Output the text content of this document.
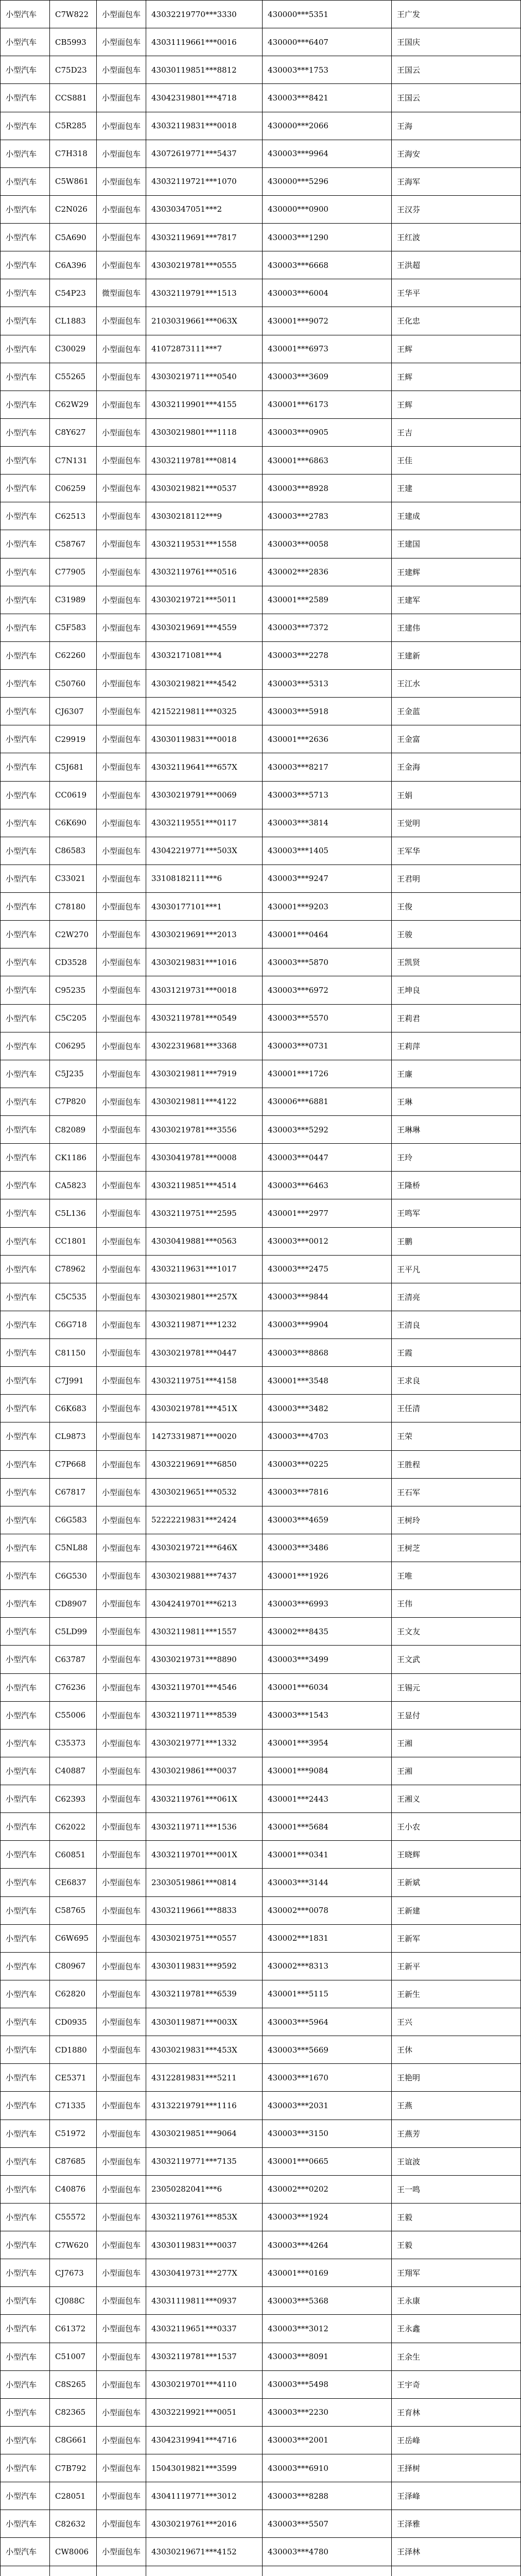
小型汽车	C7W822	小型面包车	43032219770***3330	430000***5351	王广发
小型汽车	CB5993	小型面包车	43031119661***0016	430000***6407	王国庆
小型汽车	C75D23	小型面包车	43030119851***8812	430003***1753	王国云
小型汽车	CCS881	小型面包车	43042319801***4718	430003***8421	王国云
小型汽车	C5R285	小型面包车	43032119831***0018	430000***2066	王海
小型汽车	C7H318	小型面包车	43072619771***5437	430003***9964	王海安
小型汽车	C5W861	小型面包车	43032119721***1070	430000***5296	王海军
小型汽车	C2N026	小型面包车	43030347051***2	430000***0900	王汉芬
小型汽车	C5A690	小型面包车	43032119691***7817	430003***1290	王红波
小型汽车	C6A396	小型面包车	43030219781***0555	430003***6668	王洪超
小型汽车	C54P23	微型面包车	43032119791***1513	430003***6004	王华平
小型汽车	CL1883	小型面包车	21030319661***063X	430001***9072	王化忠
小型汽车	C30029	小型面包车	41072873111***7	430001***6973	王辉
小型汽车	C55265	小型面包车	43030219711***0540	430003***3609	王辉
小型汽车	C62W29	小型面包车	43032119901***4155	430001***6173	王辉
小型汽车	C8Y627	小型面包车	43030219801***1118	430003***0905	王吉
小型汽车	C7N131	小型面包车	43032119781***0814	430001***6863	王佳
小型汽车	C06259	小型面包车	43030219821***0537	430003***8928	王建
小型汽车	C62513	小型面包车	43030218112***9	430003***2783	王建成
小型汽车	C58767	小型面包车	43032119531***1558	430003***0058	王建国
小型汽车	C77905	小型面包车	43032119761***0516	430002***2836	王建辉
小型汽车	C31989	小型面包车	43030219721***5011	430001***2589	王建军
小型汽车	C5F583	小型面包车	43030219691***4559	430003***7372	王建伟
小型汽车	C62260	小型面包车	43032171081***4	430003***2278	王建新
小型汽车	C50760	小型面包车	43030219821***4542	430003***5313	王江水
小型汽车	CJ6307	小型面包车	42152219811***0325	430003***5918	王金蓝
小型汽车	C29919	小型面包车	43030119831***0018	430001***2636	王金富
小型汽车	C5J681	小型面包车	43032119641***657X	430003***8217	王金海
小型汽车	CC0619	小型面包车	43030219791***0069	430003***5713	王娟
小型汽车	C6K690	小型面包车	43032119551***0117	430003***3814	王觉明
小型汽车	C86583	小型面包车	43042219771***503X	430003***1405	王军华
小型汽车	C33021	小型面包车	33108182111***6	430003***9247	王君明
小型汽车	C78180	小型面包车	43030177101***1	430001***9203	王俊
小型汽车	C2W270	小型面包车	43030219691***2013	430001***0464	王骏
小型汽车	CD3528	小型面包车	43030219831***1016	430003***5870	王凯贤
小型汽车	C95235	小型面包车	43031219731***0018	430003***6972	王坤良
小型汽车	C5C205	小型面包车	43032119781***0549	430003***5570	王莉君
小型汽车	C06295	小型面包车	43022319681***3368	430003***0731	王莉萍
小型汽车	C5J235	小型面包车	43030219811***7919	430001***1726	王廉
小型汽车	C7P820	小型面包车	43030219811***4122	430006***6881	王琳
小型汽车	C82089	小型面包车	43030219781***3556	430003***5292	王琳琳
小型汽车	CK1186	小型面包车	43030419781***0008	430003***0447	王玲
小型汽车	CA5823	小型面包车	43032119851***4514	430003***6463	王隆桥
小型汽车	C5L136	小型面包车	43032119751***2595	430001***2977	王鸣军
小型汽车	CC1801	小型面包车	43030419881***0563	430003***0012	王鹏
小型汽车	C78962	小型面包车	43032119631***1017	430003***2475	王平凡
小型汽车	C5C535	小型面包车	43030219801***257X	430003***9844	王清亮
小型汽车	C6G718	小型面包车	43032119871***1232	430003***9904	王清良
小型汽车	C81150	小型面包车	43030219781***0447	430003***8868	王霞
小型汽车	C7J991	小型面包车	43032119751***4158	430001***3548	王求良
小型汽车	C6K683	小型面包车	43030219781***451X	430003***3482	王任清
小型汽车	CL9873	小型面包车	14273319871***0020	430003***4703	王荣
小型汽车	C7P668	小型面包车	43032219691***6850	430003***0225	王胜程
小型汽车	C67817	小型面包车	43030219651***0532	430003***7816	王石军
小型汽车	C6G583	小型面包车	52222219831***2424	430003***4659	王树玲
小型汽车	C5NL88	小型面包车	43030219721***646X	430003***3486	王树芝
小型汽车	C6G530	小型面包车	43030219881***7437	430001***1926	王唯
小型汽车	CD8907	小型面包车	43042419701***6213	430003***6993	王伟
小型汽车	C5LD99	小型面包车	43032119811***1557	430002***8435	王文友
小型汽车	C63787	小型面包车	43030219731***8890	430003***3499	王文武
小型汽车	C76236	小型面包车	43032119701***4546	430001***6034	王锡元
小型汽车	C55006	小型面包车	43032119711***8539	430003***1543	王显付
小型汽车	C35373	小型面包车	43030219771***1332	430001***3954	王湘
小型汽车	C40887	小型面包车	43030219861***0037	430001***9084	王湘
小型汽车	C62393	小型面包车	43032119761***061X	430001***2443	王湘义
小型汽车	C62022	小型面包车	43032119711***1536	430001***5684	王小农
小型汽车	C60851	小型面包车	43032119701***001X	430001***0341	王晓辉
小型汽车	CE6837	小型面包车	23030519861***0814	430003***3144	王新斌
小型汽车	C58765	小型面包车	43032119661***8833	430002***0078	王新建
小型汽车	C6W695	小型面包车	43030219751***0557	430002***1831	王新军
小型汽车	C80967	小型面包车	43030119831***9592	430002***8313	王新平
小型汽车	C62820	小型面包车	43032119781***6539	430001***5115	王新生
小型汽车	CD0935	小型面包车	43030119871***003X	430003***5964	王兴
小型汽车	CD1880	小型面包车	43030219831***453X	430003***5669	王休
小型汽车	CE5371	小型面包车	43122819831***5211	430003***1670	王艳明
小型汽车	C71335	小型面包车	43132219791***1116	430003***2031	王燕
小型汽车	C51972	小型面包车	43030219851***9064	430003***3150	王燕芳
小型汽车	C87685	小型面包车	43032119771***7135	430001***0665	王谊波
小型汽车	C40876	小型面包车	23050282041***6	430002***0202	王一鸣
小型汽车	C55572	小型面包车	43032119761***853X	430003***1924	王毅
小型汽车	C7W620	小型面包车	43030119831***0037	430003***4264	王毅
小型汽车	CJ7673	小型面包车	43030419731***277X	430001***0169	王翔军
小型汽车	CJ088C	小型面包车	43031119811***0937	430003***5368	王永康
小型汽车	C61372	小型面包车	43032119651***0337	430003***3012	王永鑫
小型汽车	C51007	小型面包车	43032119781***1537	430003***8091	王余生
小型汽车	C8S265	小型面包车	43030219701***4110	430003***5498	王宇奇
小型汽车	C82365	小型面包车	43032219921***0051	430003***2230	王育林
小型汽车	C8G661	小型面包车	43042319941***4716	430003***2001	王岳峰
小型汽车	C7B792	小型面包车	15043019821***3599	430003***6910	王择树
小型汽车	C28051	小型面包车	43041119771***3012	430003***8288	王泽峰
小型汽车	C82632	小型面包车	43030219761***2016	430003***5507	王泽雅
小型汽车	CW8006	小型面包车	43030219671***4152	430003***4780	王泽林
